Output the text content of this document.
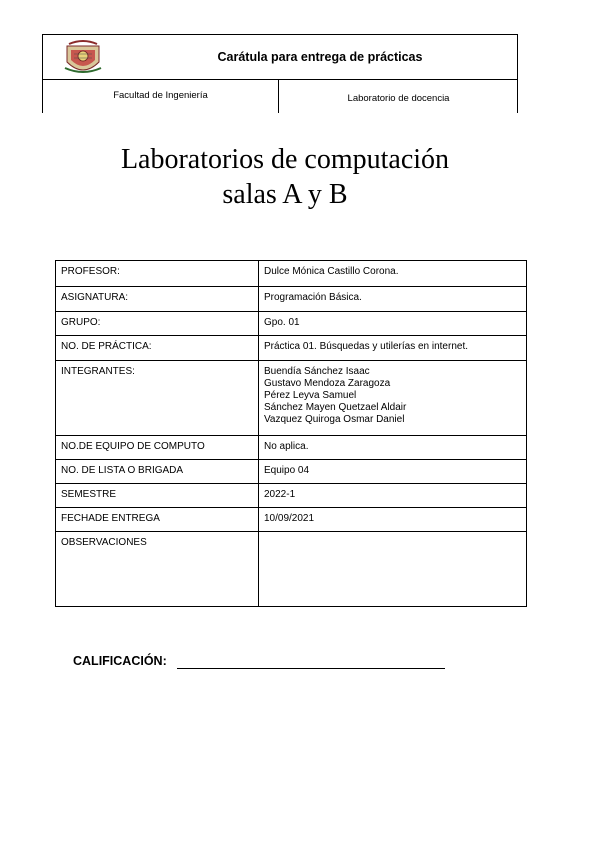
Carátula para entrega de prácticas
Facultad de Ingeniería	Laboratorio de docencia
Laboratorios de computación
salas A y B
PROFESOR:	Dulce Mónica Castillo Corona.
ASIGNATURA:	Programación Básica.
GRUPO:	Gpo. 01
NO. DE PRÁCTICA:	Práctica 01. Búsquedas y utilerías en internet.
INTEGRANTES:	Buendía Sánchez Isaac
Gustavo Mendoza Zaragoza
Pérez Leyva Samuel
Sánchez Mayen Quetzael Aldair
Vazquez Quiroga Osmar Daniel

NO.DE EQUIPO DE COMPUTO	No aplica.
NO. DE LISTA O BRIGADA	Equipo 04
SEMESTRE	2022-1
FECHADE ENTREGA	10/09/2021
OBSERVACIONES	
CALIFICACIÓN:
